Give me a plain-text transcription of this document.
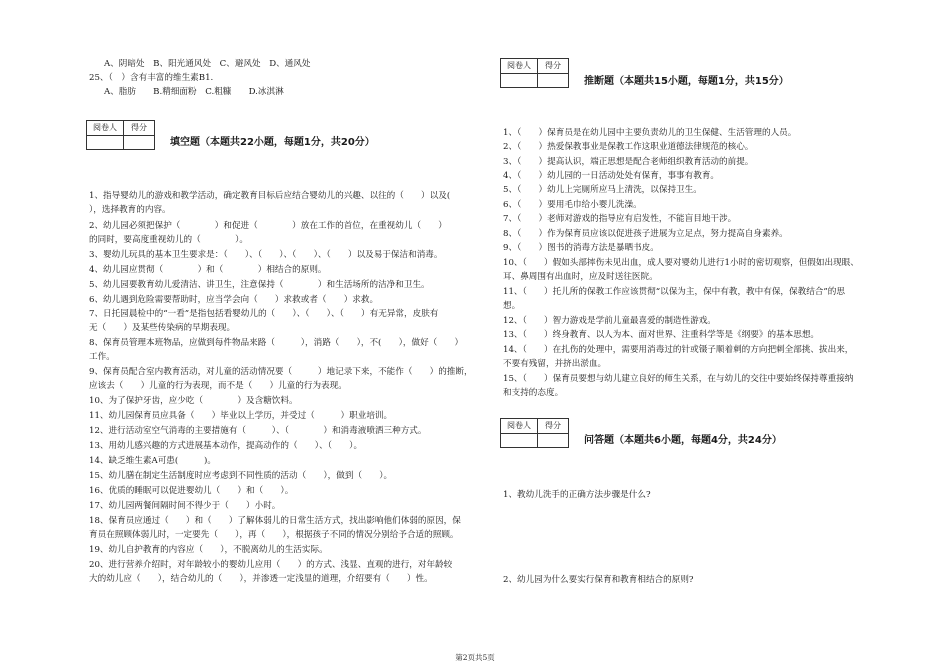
A、阴暗处　B、阳光通风处　C、避风处　D、通风处
25、（　）含有丰富的维生素B1.
A、脂肪　　B.精细面粉　C.粗糠　　D.冰淇淋
阅卷人	得分

填空题（本题共22小题，每题1分，共20分）
1、指导婴幼儿的游戏和教学活动，确定教育目标后应结合婴幼儿的兴趣、以往的（　　）以及(
），选择教育的内容。
2、幼儿园必须把保护（　　　　）和促进（　　　　）放在工作的首位，在重视幼儿（　　）
的同时，要高度重视幼儿的（　　　　）。
3、婴幼儿玩具的基本卫生要求是：（　　）、（　　）、（　　）、（　　）以及易于保洁和消毒。
4、幼儿园应贯彻（　　　　）和（　　　　）相结合的原则。
5、幼儿园要教育幼儿爱清洁、讲卫生，注意保持（　　　　）和生活场所的洁净和卫生。
6、幼儿遇到危险需要帮助时，应当学会向（　　）求救或者（　　）求救。
7、日托园晨检中的“一看”是指包括看婴幼儿的（　　）、（　　）、（　　）有无异常，皮肤有
无（　　）及某些传染病的早期表现。
8、保育员管理本班物品，应做到每件物品来路（　　　），消路（　　），不(　　），做好（　　）
工作。
9、保育员配合室内教育活动，对儿童的活动情况要（　　　）地记录下来，不能作（　　）的推断，
应该去（　　）儿童的行为表现，而不是（　　）儿童的行为表现。
10、为了保护牙齿，应少吃（　　　　）及含糖饮料。
11、幼儿园保育员应具备（　　）毕业以上学历，并受过（　　　）职业培训。
12、进行活动室空气消毒的主要措施有（　　　）、（　　　　）和消毒液喷洒三种方式。
13、用幼儿感兴趣的方式进展基本动作，提高动作的（　　）、（　　）。
14、缺乏维生素A可患(　　　)。
15、幼儿膳在制定生活制度时应考虑到不同性质的活动（　　），做到（　　）。
16、优质的睡眠可以促进婴幼儿（　　）和（　　）。
17、幼儿园两餐间隔时间不得少于（　　）小时。
18、保育员应通过（　　）和（　　）了解体弱儿的日常生活方式，找出影响他们体弱的原因，保
育员在照顾体弱儿时，一定要先（　　），再（　　），根据孩子不同的情况分别给予合适的照顾。
19、幼儿自护教育的内容应（　　），不脱离幼儿的生活实际。
20、进行营养介绍时，对年龄较小的婴幼儿应用（　　）的方式、浅显、直观的进行，对年龄较
大的幼儿应（　　），结合幼儿的（　　），并渗透一定浅显的道理，介绍要有（　　）性。
阅卷人	得分

推断题（本题共15小题，每题1分，共15分）
1、（　　）保育员是在幼儿园中主要负责幼儿的卫生保健、生活管理的人员。
2、（　　）热爱保教事业是保教工作这职业道德法律规范的核心。
3、（　　）提高认识，端正思想是配合老师组织教育活动的前提。
4、（　　）幼儿园的一日活动处处有保育，事事有教育。
5、（　　）幼儿上完厕所应马上清洗，以保持卫生。
6、（　　）要用毛巾给小婴儿洗澡。
7、（　　）老师对游戏的指导应有启发性，不能盲目地干涉。
8、（　　）作为保育员应该以促进孩子进展为立足点，努力提高自身素养。
9、（　　）图书的消毒方法是暴晒书皮。
10、（　　）假如头部摔伤未见出血，成人要对婴幼儿进行1小时的密切观察，但假如出现眼、
耳、鼻周围有出血时，应及时送往医院。
11、（　　）托儿所的保教工作应该贯彻“以保为主，保中有教，教中有保，保教结合”的思
想。
12、（　　）智力游戏是学前儿童最喜爱的制造性游戏。
13、（　　）终身教育、以人为本、面对世界、注重科学等是《纲要》的基本思想。
14、（　　）在扎伤的处理中，需要用消毒过的针或镊子顺着刺的方向把刺全部挑、拔出来，
不要有残留，并挤出淤血。
15、（　　）保育员要想与幼儿建立良好的师生关系，在与幼儿的交往中要始终保持尊重接纳
和支持的态度。
阅卷人	得分

问答题（本题共6小题，每题4分，共24分）
1、教幼儿洗手的正确方法步骤是什么?
2、幼儿园为什么要实行保育和教育相结合的原则?
第2页共5页
